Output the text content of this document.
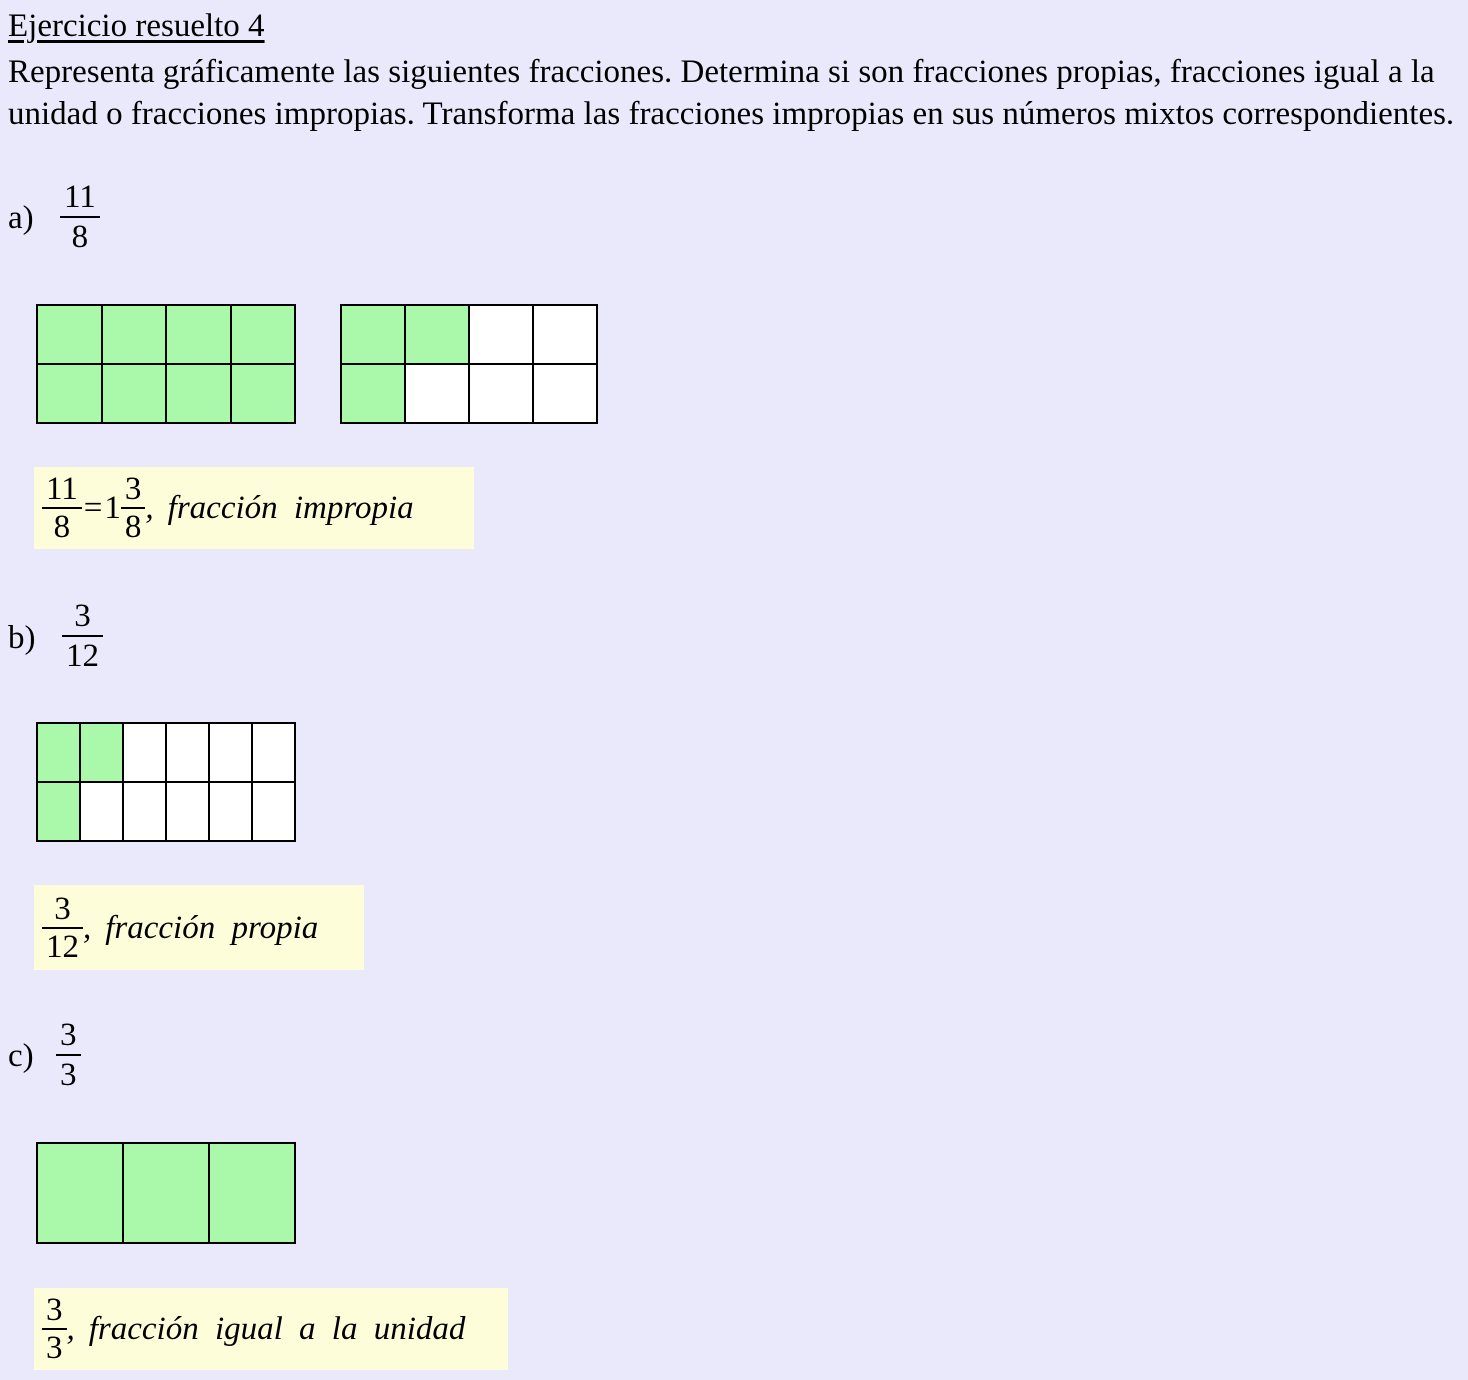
Ejercicio resuelto 4

Representa gráficamente las siguientes fracciones. Determina si son fracciones propias, fracciones igual a la unidad o fracciones impropias. Transforma las fracciones impropias en sus números mixtos correspondientes.

a)
11
8
$\frac{11}{8} = 1 \frac{3}{8}$ , fracción impropia
b)
3
12
$\frac{3}{12}$ , fracción propia
c)
3
3
$\frac{3}{3}$ , fracción igual a la unidad
